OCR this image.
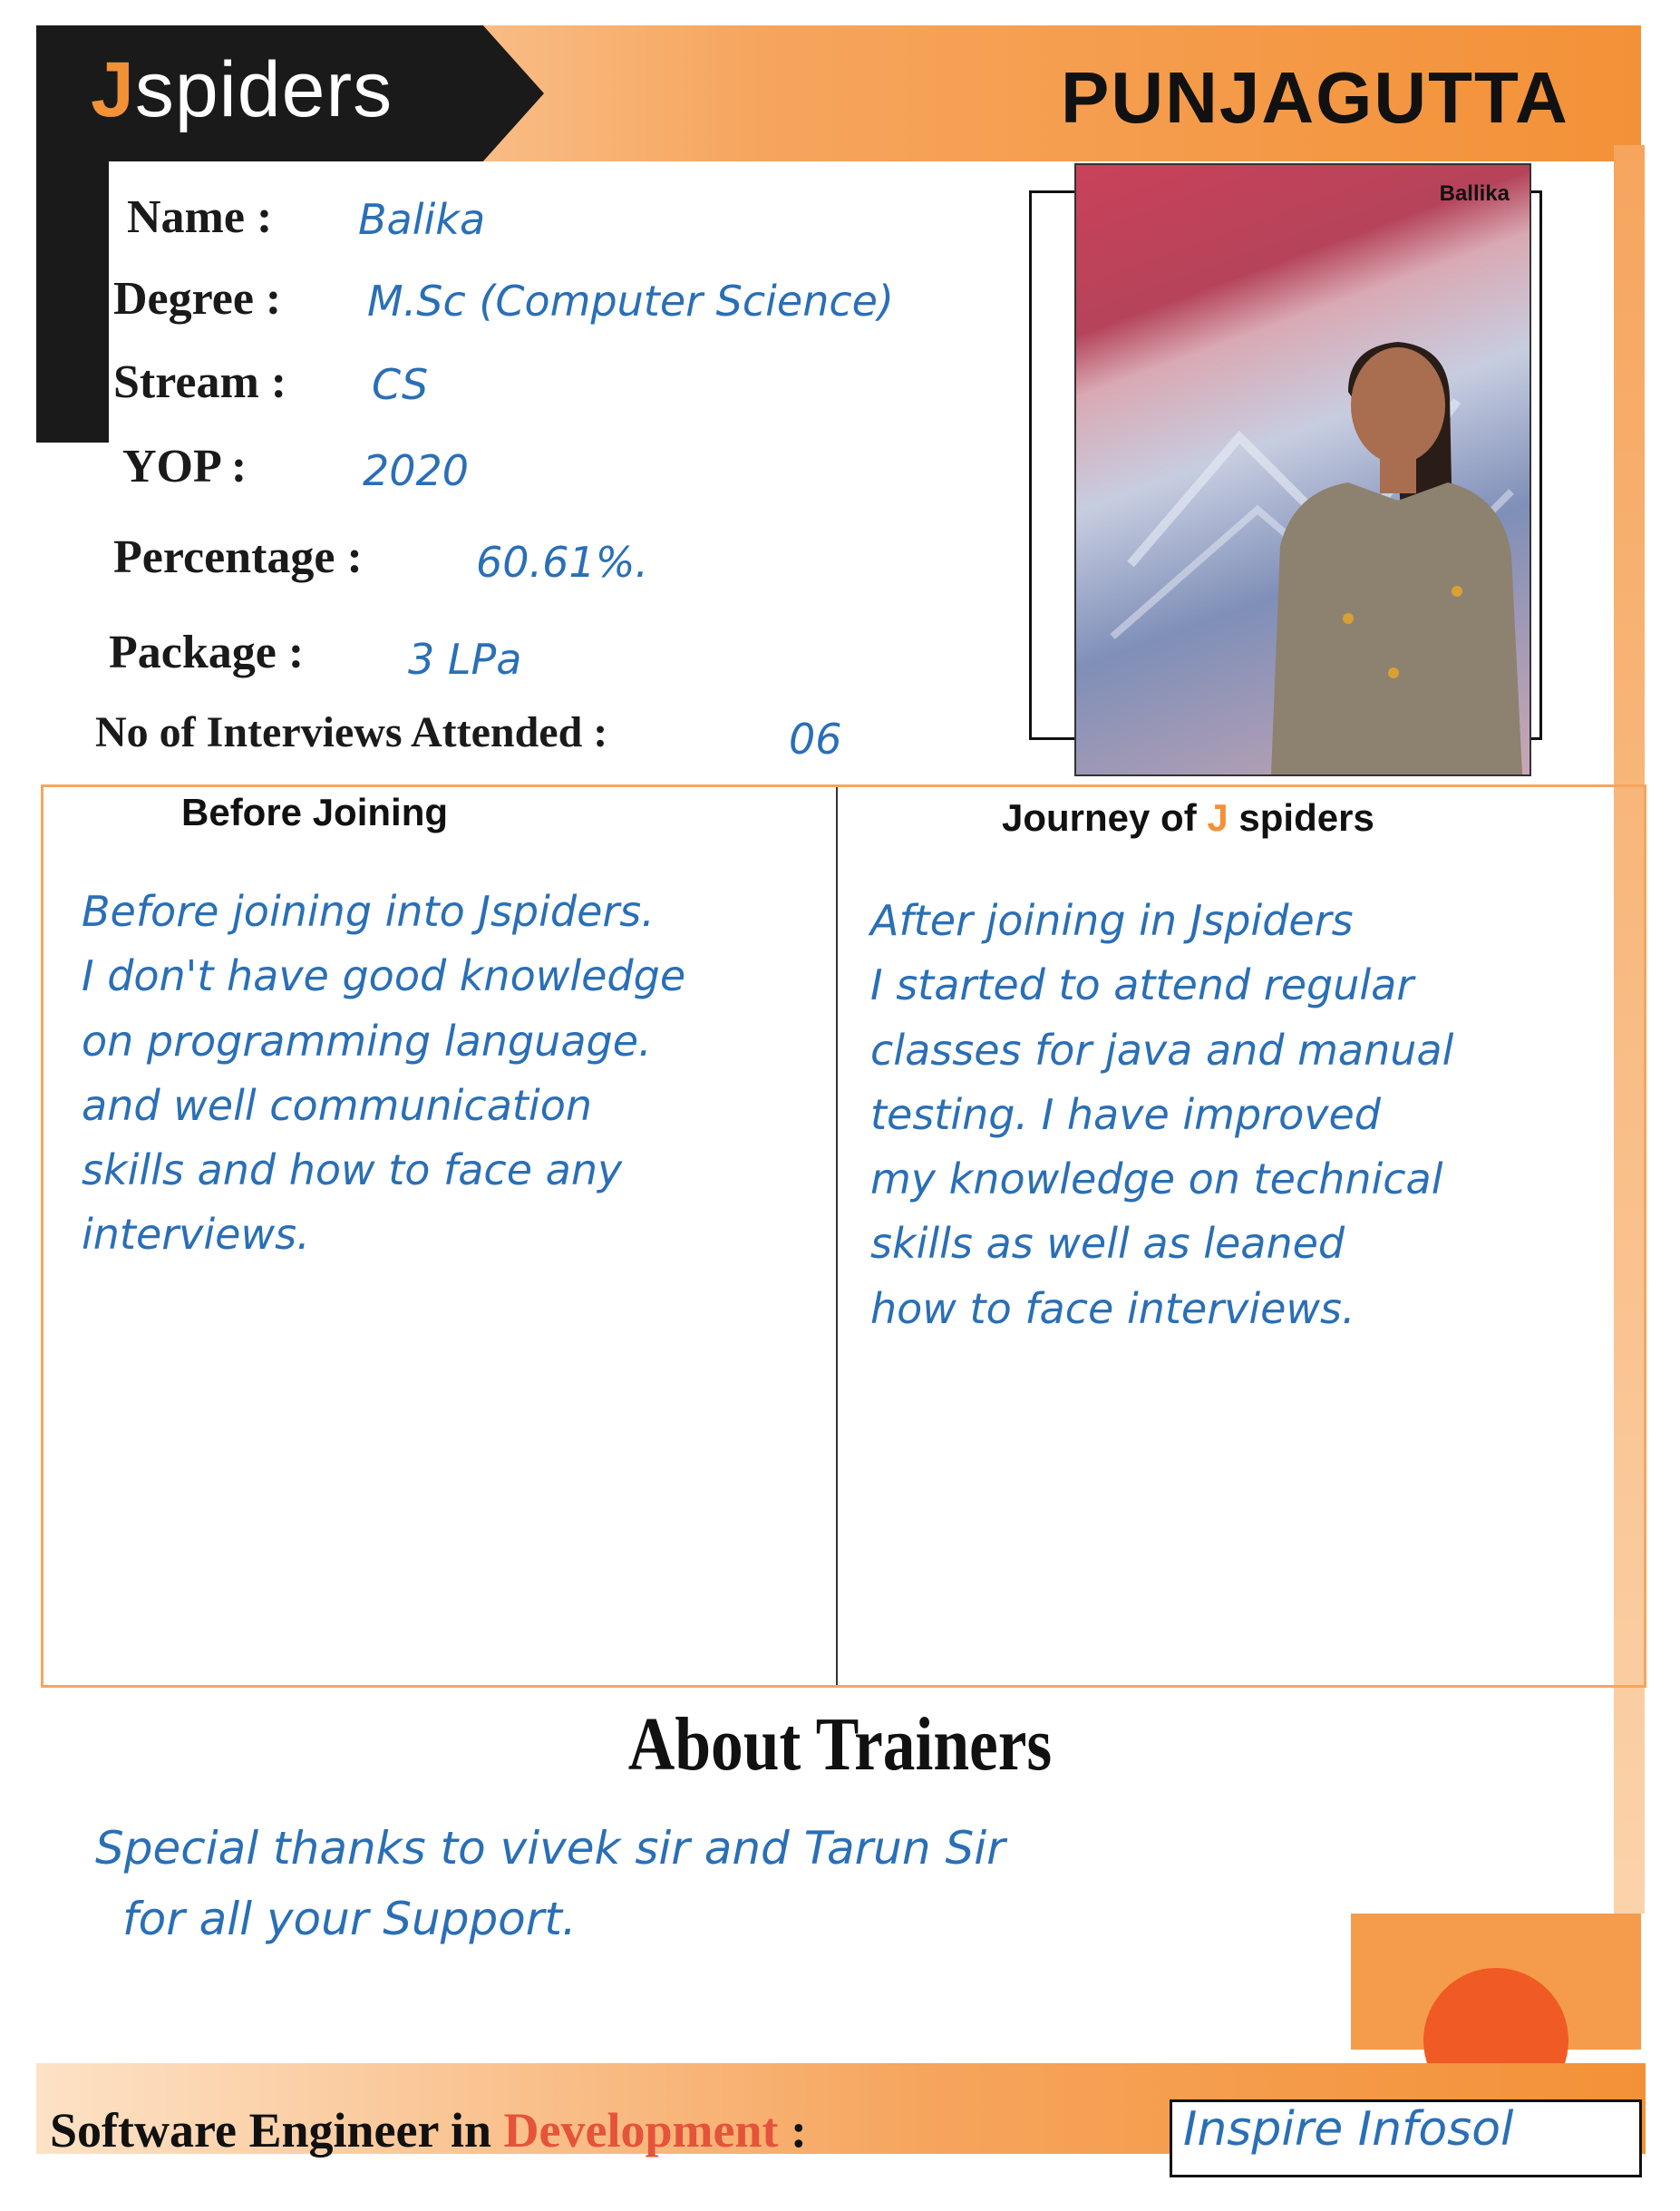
Jspiders	PUNJAGUTTA
Name : Balika
Degree : M.Sc (Computer Science)
Stream : CS
YOP :	2020
Percentage :	60.61%.
Package : 3 LPa
No of Interviews Attended :	06
Ballika
Before Joining
Before joining into Jspiders.
I don't have good knowledge
on programming language.
and well communication
skills and how to face any
interviews.
Journey of J spiders
After joining in Jspiders
I started to attend regular
classes for java and manual
testing. I have improved
my knowledge on technical
skills as well as leaned
how to face interviews.
About Trainers
Special thanks to vivek sir and Tarun Sir
for all your Support.
Software Engineer in Development :	Inspire Infosol
